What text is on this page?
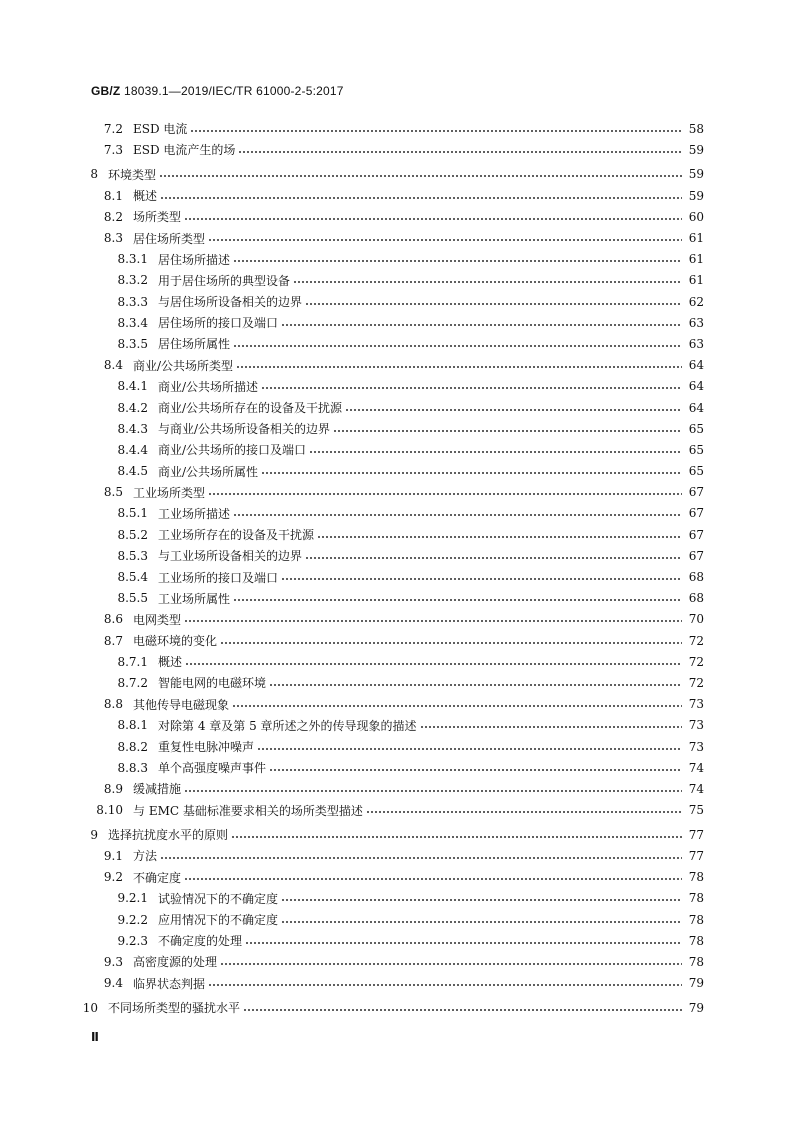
GB/Z 18039.1—2019/IEC/TR 61000-2-5:2017
7.2 ESD 电流	58
7.3 ESD 电流产生的场	59
8 环境类型	59
8.1 概述	59
8.2 场所类型	60
8.3 居住场所类型	61
8.3.1 居住场所描述	61
8.3.2 用于居住场所的典型设备	61
8.3.3 与居住场所设备相关的边界	62
8.3.4 居住场所的接口及端口	63
8.3.5 居住场所属性	63
8.4 商业/公共场所类型	64
8.4.1 商业/公共场所描述	64
8.4.2 商业/公共场所存在的设备及干扰源	64
8.4.3 与商业/公共场所设备相关的边界	65
8.4.4 商业/公共场所的接口及端口	65
8.4.5 商业/公共场所属性	65
8.5 工业场所类型	67
8.5.1 工业场所描述	67
8.5.2 工业场所存在的设备及干扰源	67
8.5.3 与工业场所设备相关的边界	67
8.5.4 工业场所的接口及端口	68
8.5.5 工业场所属性	68
8.6 电网类型	70
8.7 电磁环境的变化	72
8.7.1 概述	72
8.7.2 智能电网的电磁环境	72
8.8 其他传导电磁现象	73
8.8.1 对除第 4 章及第 5 章所述之外的传导现象的描述	73
8.8.2 重复性电脉冲噪声	73
8.8.3 单个高强度噪声事件	74
8.9 缓减措施	74
8.10 与 EMC 基础标准要求相关的场所类型描述	75
9 选择抗扰度水平的原则	77
9.1 方法	77
9.2 不确定度	78
9.2.1 试验情况下的不确定度	78
9.2.2 应用情况下的不确定度	78
9.2.3 不确定度的处理	78
9.3 高密度源的处理	78
9.4 临界状态判据	79
10 不同场所类型的骚扰水平	79
Ⅱ
